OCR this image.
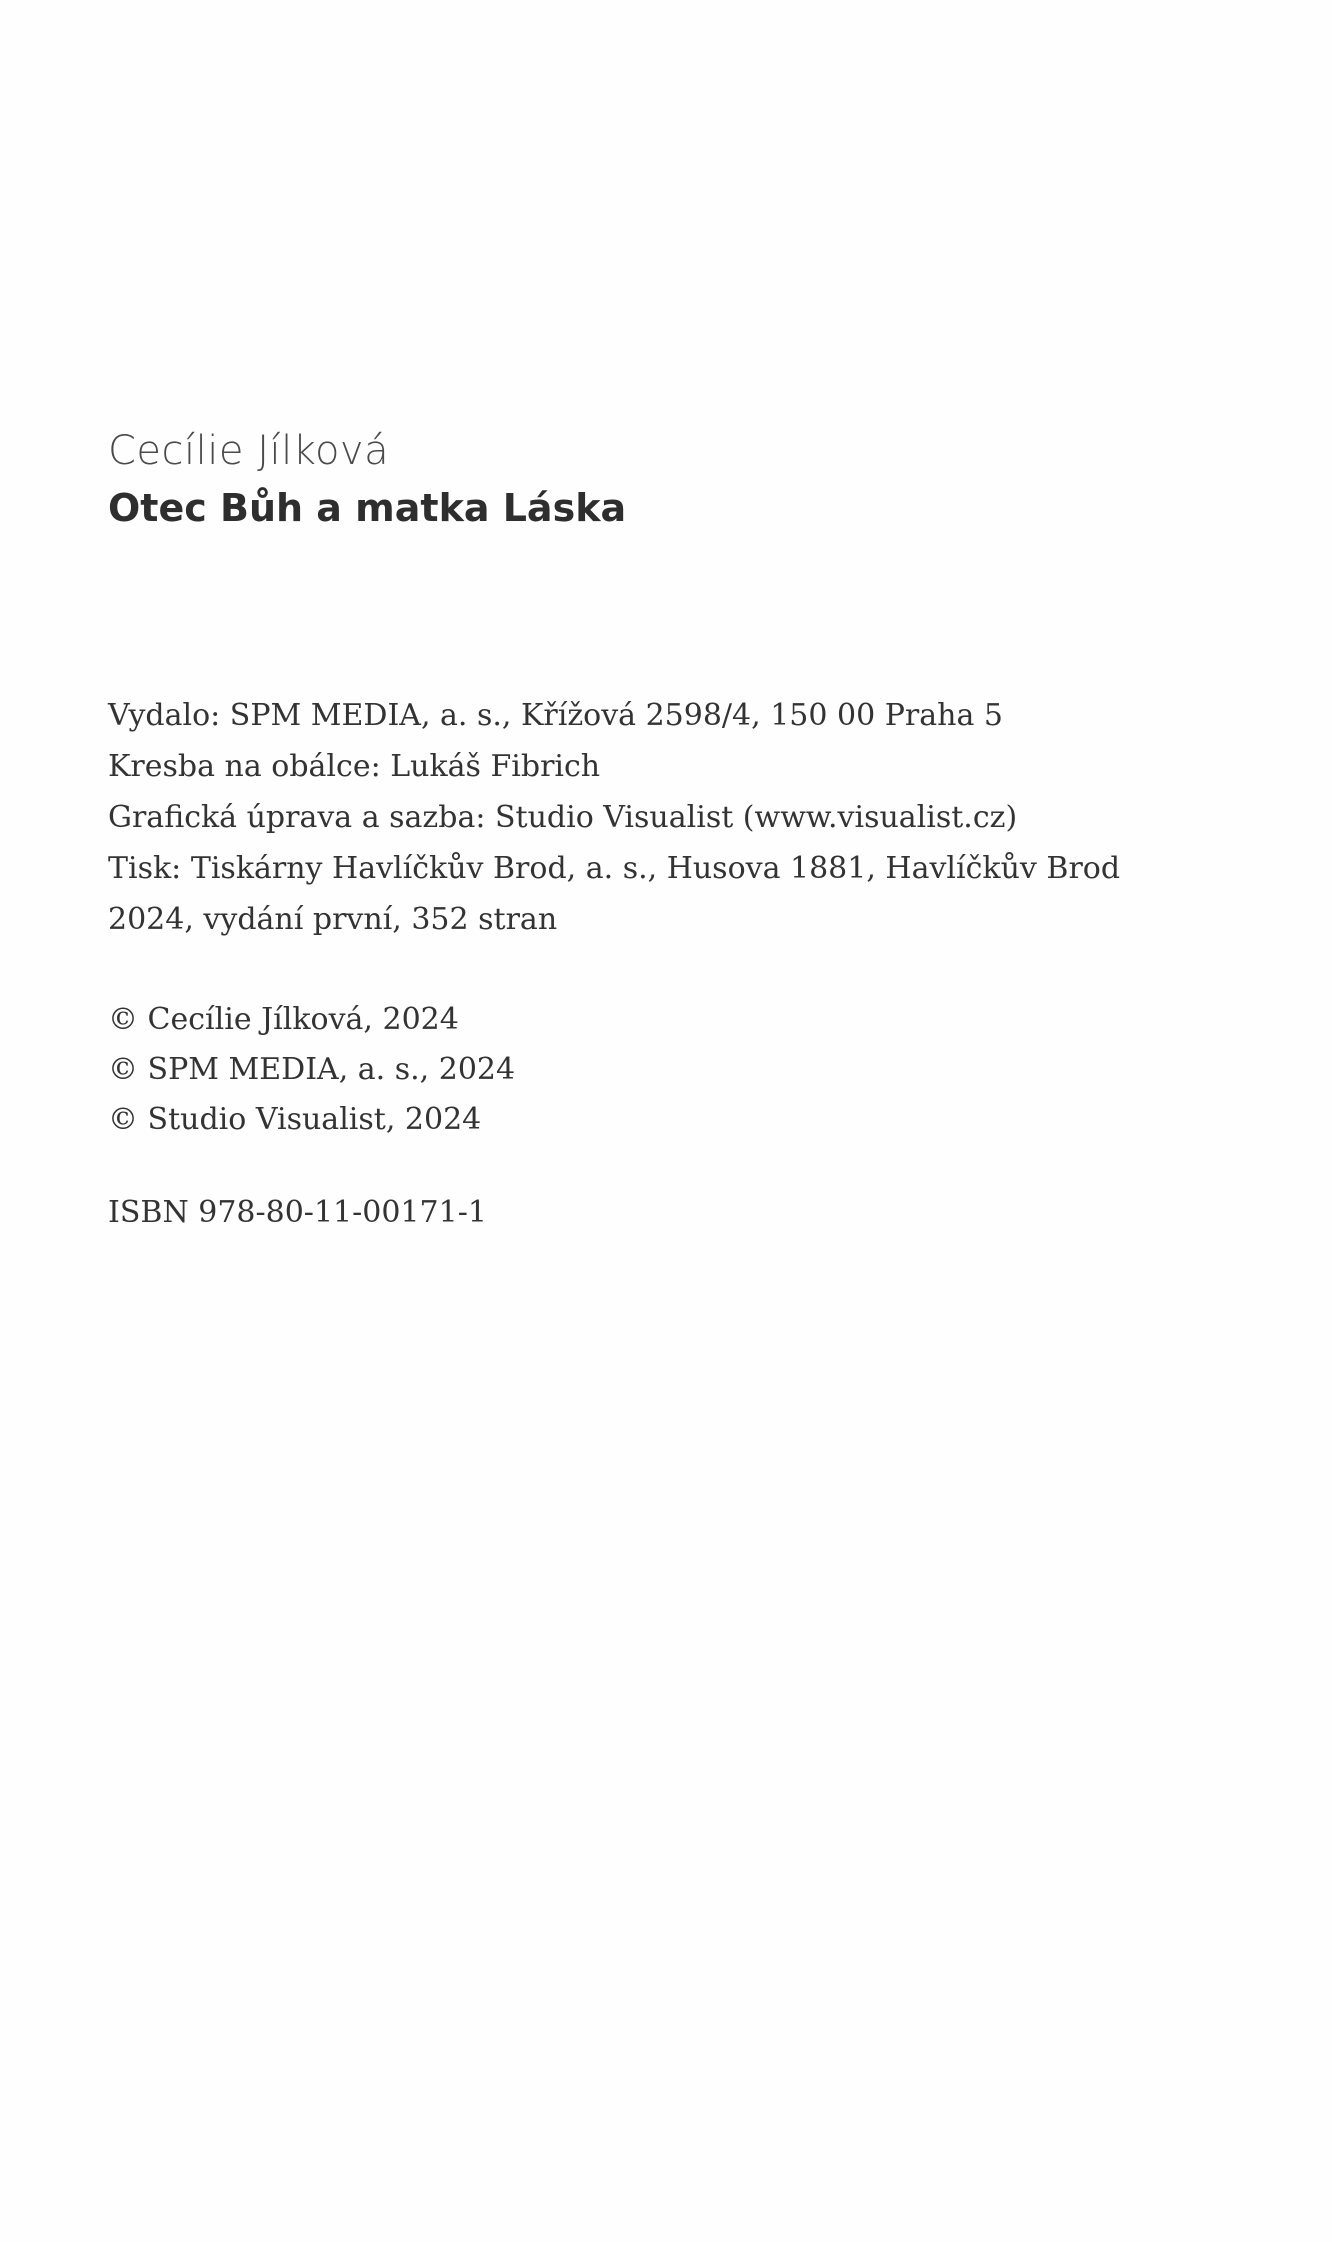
Cecílie Jílková

Otec Bůh a matka Láska

Vydalo: SPM MEDIA, a. s., Křížová 2598/4, 150 00 Praha 5
Kresba na obálce: Lukáš Fibrich
Grafická úprava a sazba: Studio Visualist (www.visualist.cz)
Tisk: Tiskárny Havlíčkův Brod, a. s., Husova 1881, Havlíčkův Brod
2024, vydání první, 352 stran
© Cecílie Jílková, 2024
© SPM MEDIA, a. s., 2024
© Studio Visualist, 2024

ISBN 978-80-11-00171-1
